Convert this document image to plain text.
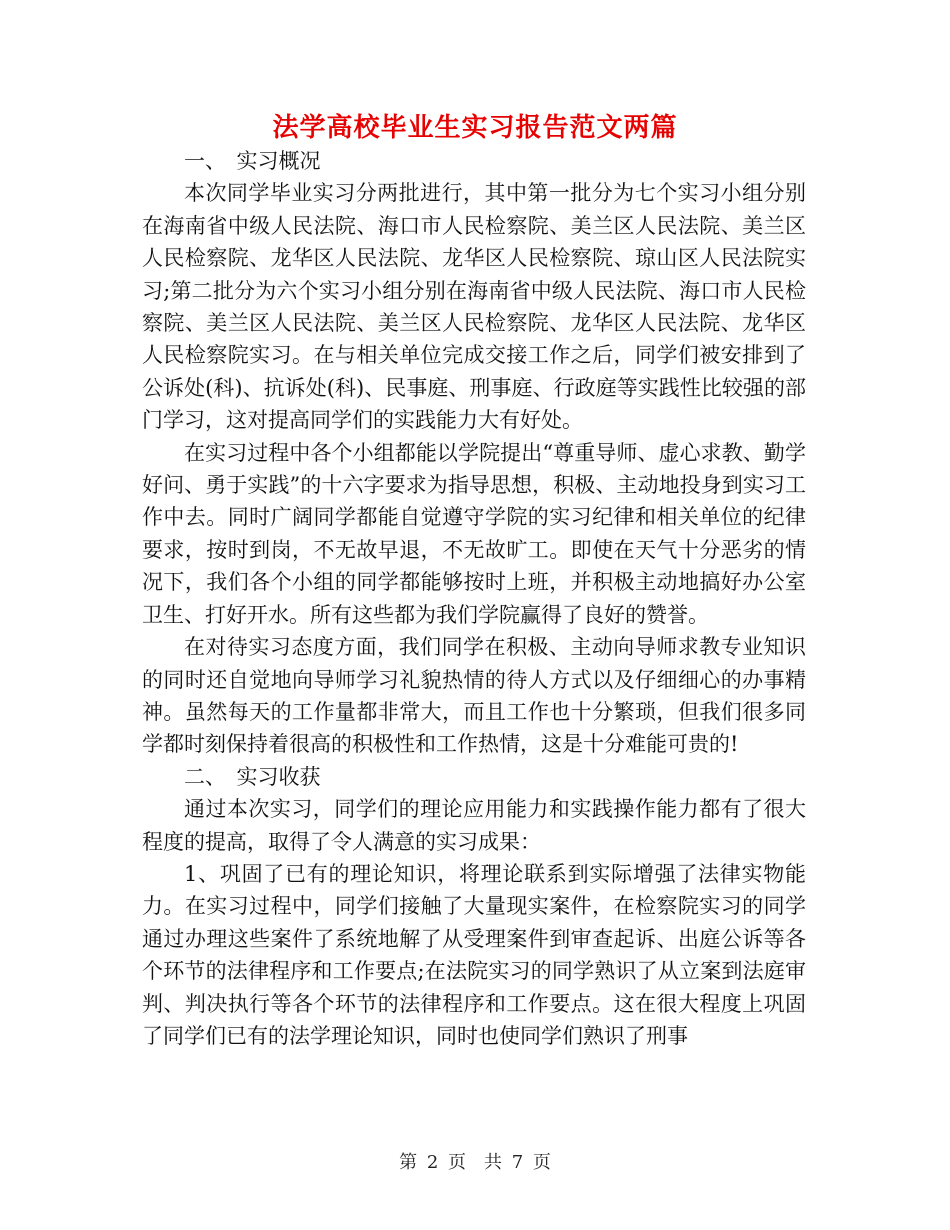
法学高校毕业生实习报告范文两篇

一、　实习概况

本次同学毕业实习分两批进行，其中第一批分为七个实习小组分别在海南省中级人民法院、海口市人民检察院、美兰区人民法院、美兰区人民检察院、龙华区人民法院、龙华区人民检察院、琼山区人民法院实习;第二批分为六个实习小组分别在海南省中级人民法院、海口市人民检察院、美兰区人民法院、美兰区人民检察院、龙华区人民法院、龙华区人民检察院实习。在与相关单位完成交接工作之后，同学们被安排到了公诉处(科)、抗诉处(科)、民事庭、刑事庭、行政庭等实践性比较强的部门学习，这对提高同学们的实践能力大有好处。

在实习过程中各个小组都能以学院提出“尊重导师、虚心求教、勤学好问、勇于实践”的十六字要求为指导思想，积极、主动地投身到实习工作中去。同时广阔同学都能自觉遵守学院的实习纪律和相关单位的纪律要求，按时到岗，不无故早退，不无故旷工。即使在天气十分恶劣的情况下，我们各个小组的同学都能够按时上班，并积极主动地搞好办公室卫生、打好开水。所有这些都为我们学院赢得了良好的赞誉。

在对待实习态度方面，我们同学在积极、主动向导师求教专业知识的同时还自觉地向导师学习礼貌热情的待人方式以及仔细细心的办事精神。虽然每天的工作量都非常大，而且工作也十分繁琐，但我们很多同学都时刻保持着很高的积极性和工作热情，这是十分难能可贵的!

二、　实习收获

通过本次实习，同学们的理论应用能力和实践操作能力都有了很大程度的提高，取得了令人满意的实习成果：

1、巩固了已有的理论知识，将理论联系到实际增强了法律实物能力。在实习过程中，同学们接触了大量现实案件，在检察院实习的同学通过办理这些案件了系统地解了从受理案件到审查起诉、出庭公诉等各个环节的法律程序和工作要点;在法院实习的同学熟识了从立案到法庭审判、判决执行等各个环节的法律程序和工作要点。这在很大程度上巩固了同学们已有的法学理论知识，同时也使同学们熟识了刑事

第 2 页　共 7 页
